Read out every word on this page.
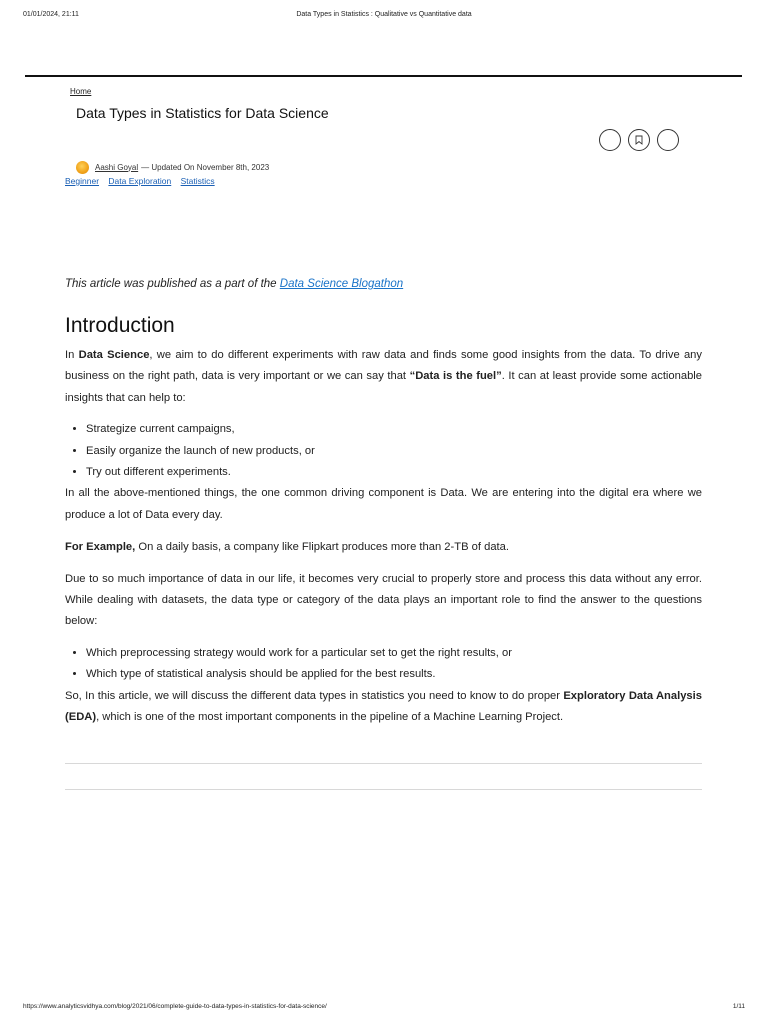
01/01/2024, 21:11	Data Types in Statistics : Qualitative vs Quantitative data
Home
Data Types in Statistics for Data Science
Aashi Goyal — Updated On November 8th, 2023
Beginner Data Exploration Statistics

This article was published as a part of the Data Science Blogathon

Introduction

In Data Science, we aim to do different experiments with raw data and finds some good insights from the data. To drive any business on the right path, data is very important or we can say that “Data is the fuel”. It can at least provide some actionable insights that can help to:

• Strategize current campaigns,
• Easily organize the launch of new products, or
• Try out different experiments.

In all the above-mentioned things, the one common driving component is Data. We are entering into the digital era where we produce a lot of Data every day.

For Example, On a daily basis, a company like Flipkart produces more than 2-TB of data.

Due to so much importance of data in our life, it becomes very crucial to properly store and process this data without any error. While dealing with datasets, the data type or category of the data plays an important role to find the answer to the questions below:

• Which preprocessing strategy would work for a particular set to get the right results, or
• Which type of statistical analysis should be applied for the best results.

So, In this article, we will discuss the different data types in statistics you need to know to do proper Exploratory Data Analysis (EDA), which is one of the most important components in the pipeline of a Machine Learning Project.

https://www.analyticsvidhya.com/blog/2021/06/complete-guide-to-data-types-in-statistics-for-data-science/	1/11
